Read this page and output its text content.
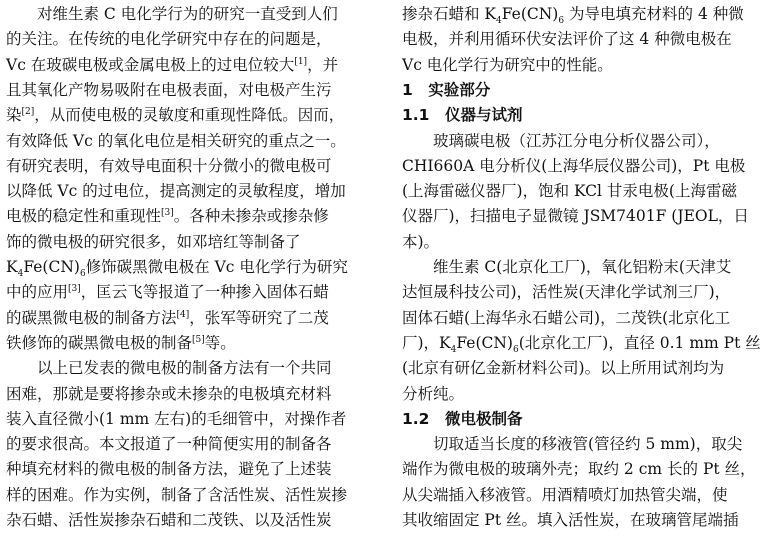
　　对维生素 C 电化学行为的研究一直受到人们
的关注。在传统的电化学研究中存在的问题是，
Vc 在玻碳电极或金属电极上的过电位较大[1]，并
且其氧化产物易吸附在电极表面，对电极产生污
染[2]，从而使电极的灵敏度和重现性降低。因而，
有效降低 Vc 的氧化电位是相关研究的重点之一。
有研究表明，有效导电面积十分微小的微电极可
以降低 Vc 的过电位，提高测定的灵敏程度，增加
电极的稳定性和重现性[3]。各种未掺杂或掺杂修
饰的微电极的研究很多，如邓培红等制备了
$K_4Fe(CN)_6$修饰碳黑微电极在 Vc 电化学行为研究
中的应用[3]，匡云飞等报道了一种掺入固体石蜡
的碳黑微电极的制备方法[4]，张军等研究了二茂
铁修饰的碳黑微电极的制备[5]等。
　　以上已发表的微电极的制备方法有一个共同
困难，那就是要将掺杂或未掺杂的电极填充材料
装入直径微小(1 mm 左右)的毛细管中，对操作者
的要求很高。本文报道了一种简便实用的制备各
种填充材料的微电极的制备方法，避免了上述装
样的困难。作为实例，制备了含活性炭、活性炭掺
杂石蜡、活性炭掺杂石蜡和二茂铁、以及活性炭
掺杂石蜡和 $K_4Fe(CN)_6$ 为导电填充材料的 4 种微
电极，并利用循环伏安法评价了这 4 种微电极在
Vc 电化学行为研究中的性能。
1　实验部分
1.1　仪器与试剂
　　玻璃碳电极（江苏江分电分析仪器公司），
CHI660A 电分析仪(上海华辰仪器公司)，Pt 电极
(上海雷磁仪器厂)，饱和 KCl 甘汞电极(上海雷磁
仪器厂)，扫描电子显微镜 JSM7401F (JEOL，日
本)。
　　维生素 C(北京化工厂)，氧化铝粉末(天津艾
达恒晟科技公司)，活性炭(天津化学试剂三厂)，
固体石蜡(上海华永石蜡公司)，二茂铁(北京化工
厂)，$K_4Fe(CN)_6$(北京化工厂)，直径 0.1 mm Pt 丝
(北京有研亿金新材料公司)。以上所用试剂均为
分析纯。
1.2　微电极制备
　　切取适当长度的移液管(管径约 5 mm)，取尖
端作为微电极的玻璃外壳；取约 2 cm 长的 Pt 丝，
从尖端插入移液管。用酒精喷灯加热管尖端，使
其收缩固定 Pt 丝。填入活性炭，在玻璃管尾端插
